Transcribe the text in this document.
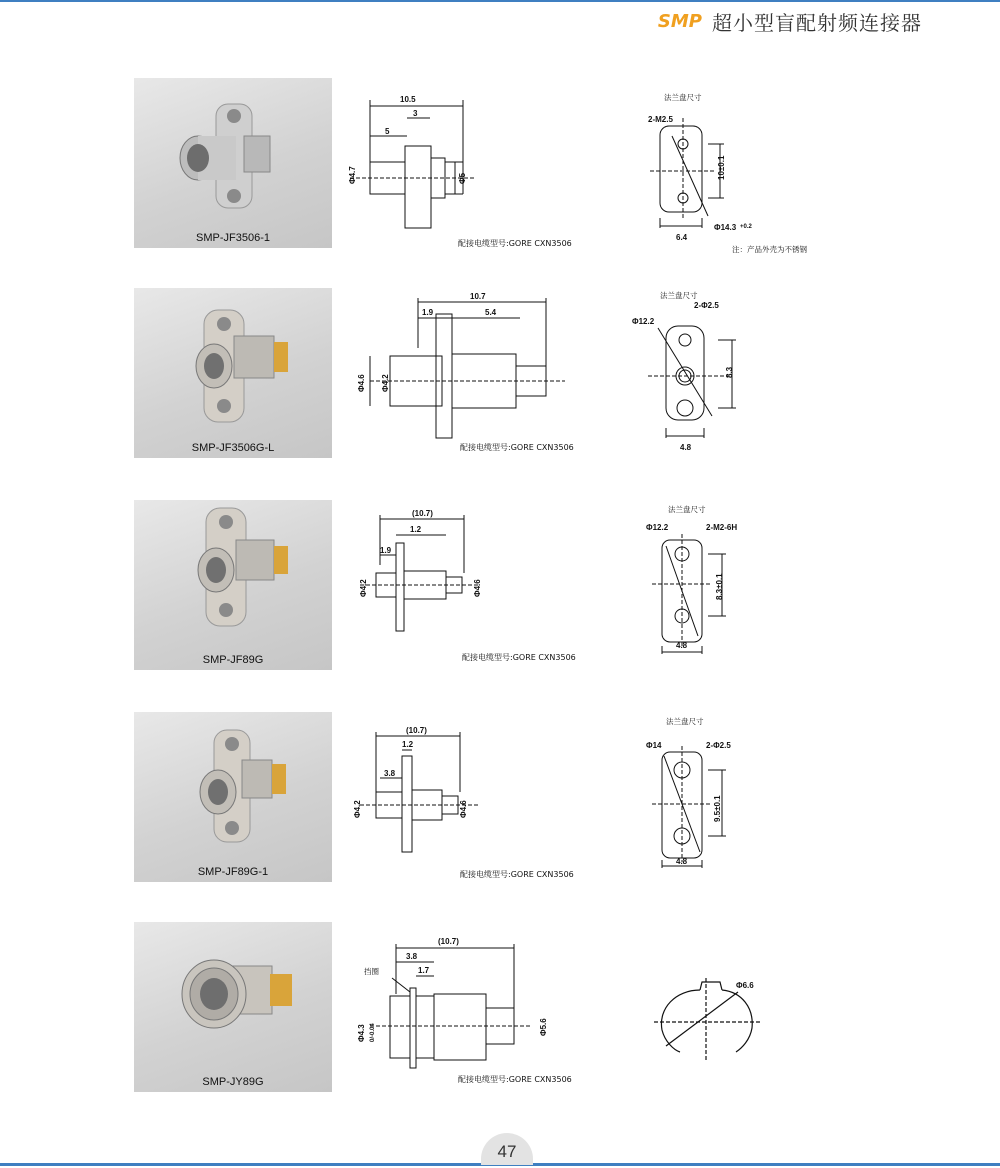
SMP 超小型盲配射频连接器
SMP-JF3506-1
10.5
3
5
Φ4.7	Φ5
配接电缆型号:GORE CXN3506
法兰盘尺寸
2-M2.5
10±0.1
6.4
Φ14.3 +0.2
注：产品外壳为不锈钢
SMP-JF3506G-L
10.7
1.9	5.4
Φ4.6 Φ4.2
配接电缆型号:GORE CXN3506
法兰盘尺寸
2-Φ2.5
Φ12.2
8.3
4.8
SMP-JF89G
(10.7)
1.2
1.9
Φ4.2	Φ4.6
配接电缆型号:GORE CXN3506
法兰盘尺寸
Φ12.2	2-M2-6H
8.3±0.1
4.8
SMP-JF89G-1
(10.7)
1.2
3.8
Φ4.2	Φ4.6
配接电缆型号:GORE CXN3506
法兰盘尺寸
Φ14	2-Φ2.5
9.5±0.1
4.8
SMP-JY89G
(10.7)
3.8
1.7
挡圈
Φ4.3 0/-0.04	Φ5.6
配接电缆型号:GORE CXN3506
Φ6.6
47
